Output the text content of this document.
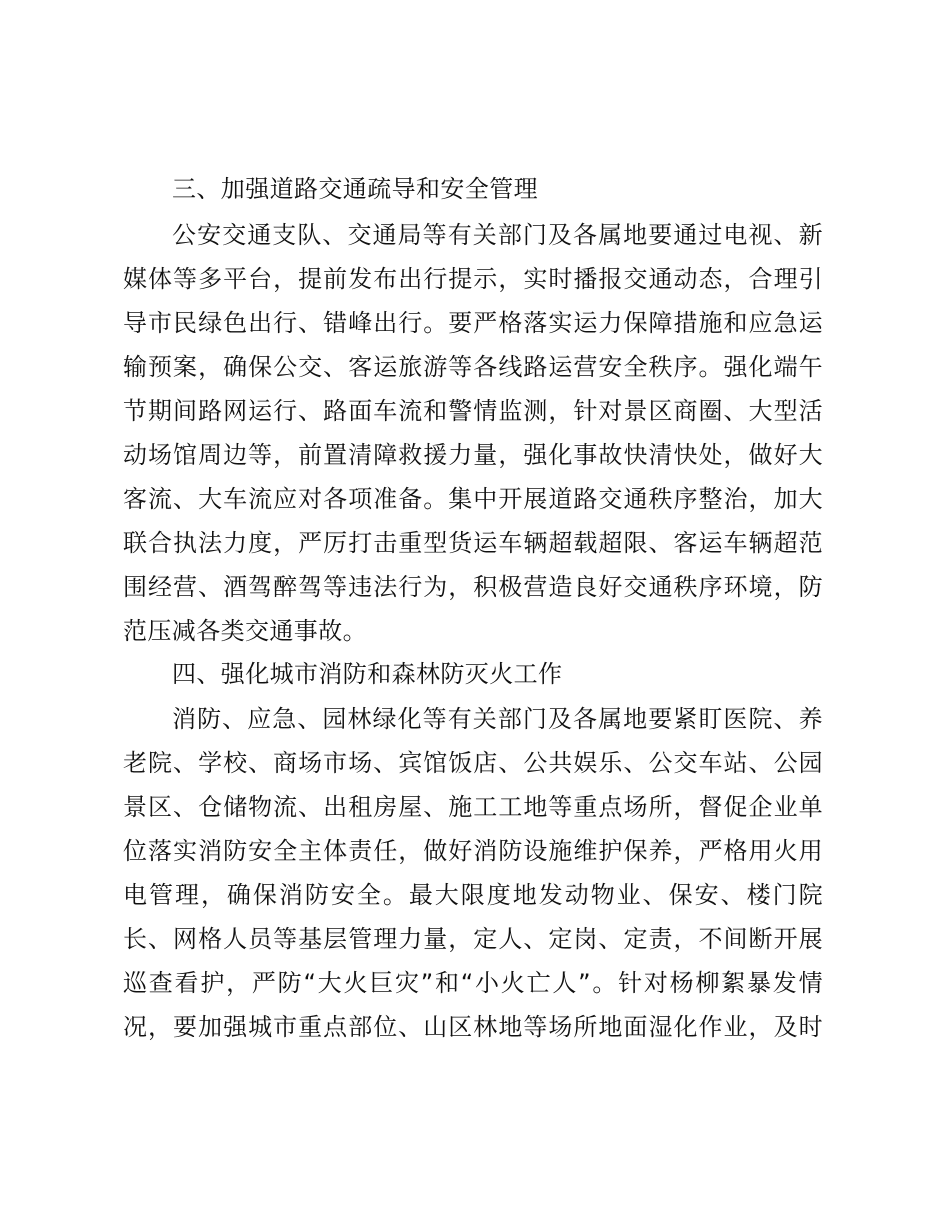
三、加强道路交通疏导和安全管理
公安交通支队、交通局等有关部门及各属地要通过电视、新
媒体等多平台，提前发布出行提示，实时播报交通动态，合理引
导市民绿色出行、错峰出行。要严格落实运力保障措施和应急运
输预案，确保公交、客运旅游等各线路运营安全秩序。强化端午
节期间路网运行、路面车流和警情监测，针对景区商圈、大型活
动场馆周边等，前置清障救援力量，强化事故快清快处，做好大
客流、大车流应对各项准备。集中开展道路交通秩序整治，加大
联合执法力度，严厉打击重型货运车辆超载超限、客运车辆超范
围经营、酒驾醉驾等违法行为，积极营造良好交通秩序环境，防
范压减各类交通事故。
四、强化城市消防和森林防灭火工作
消防、应急、园林绿化等有关部门及各属地要紧盯医院、养
老院、学校、商场市场、宾馆饭店、公共娱乐、公交车站、公园
景区、仓储物流、出租房屋、施工工地等重点场所，督促企业单
位落实消防安全主体责任，做好消防设施维护保养，严格用火用
电管理，确保消防安全。最大限度地发动物业、保安、楼门院
长、网格人员等基层管理力量，定人、定岗、定责，不间断开展
巡查看护，严防“大火巨灾”和“小火亡人”。针对杨柳絮暴发情
况，要加强城市重点部位、山区林地等场所地面湿化作业，及时
